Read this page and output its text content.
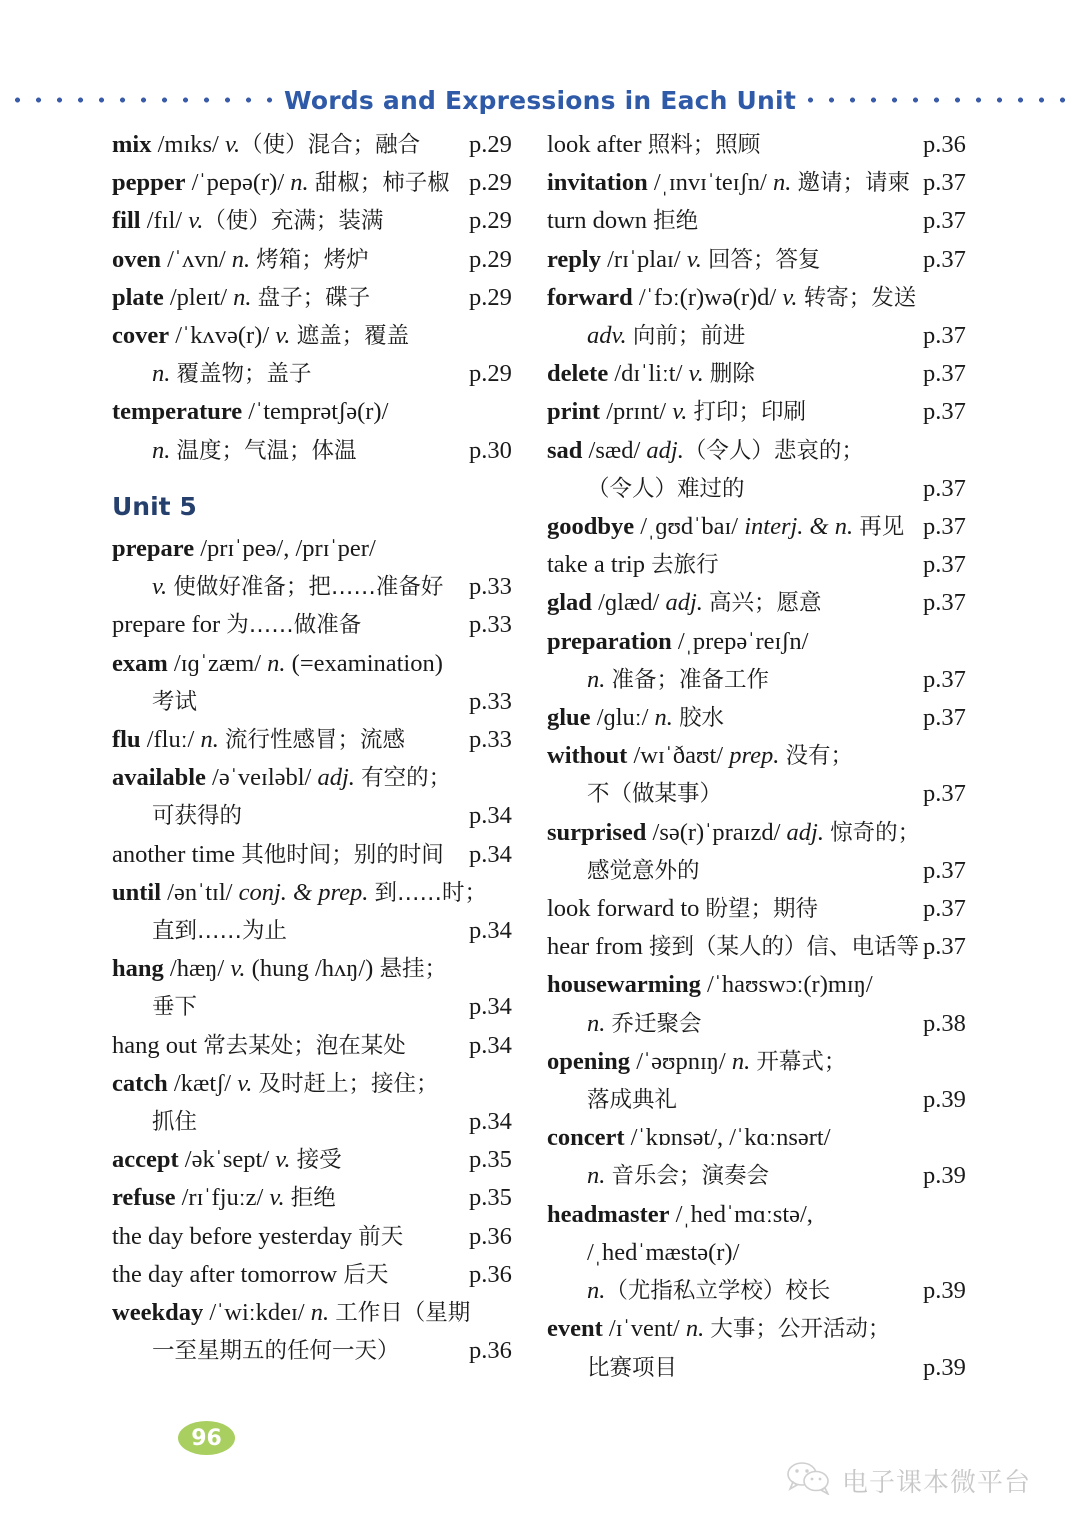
Words and Expressions in Each Unit
mix /mɪks/ v.（使）混合；融合	p.29
pepper /ˈpepə(r)/ n. 甜椒；柿子椒 p.29
fill /fɪl/ v.（使）充满；装满	p.29
oven /ˈʌvn/ n. 烤箱；烤炉	p.29
plate /pleɪt/ n. 盘子；碟子	p.29
cover /ˈkʌvə(r)/ v. 遮盖；覆盖
n. 覆盖物；盖子	p.29
temperature /ˈtemprətʃə(r)/
n. 温度；气温；体温	p.30
Unit 5
prepare /prɪˈpeə/, /prɪˈper/
v. 使做好准备；把……准备好	p.33
prepare for 为……做准备	p.33
exam /ɪɡˈzæm/ n. (=examination)
考试	p.33
flu /fluː/ n. 流行性感冒；流感	p.33
available /əˈveɪləbl/ adj. 有空的；
可获得的	p.34
another time 其他时间；别的时间	p.34
until /ənˈtɪl/ conj. & prep. 到……时；
直到……为止	p.34
hang /hæŋ/ v. (hung /hʌŋ/) 悬挂；
垂下	p.34
hang out 常去某处；泡在某处	p.34
catch /kætʃ/ v. 及时赶上；接住；
抓住	p.34
accept /əkˈsept/ v. 接受	p.35
refuse /rɪˈfjuːz/ v. 拒绝	p.35
the day before yesterday 前天	p.36
the day after tomorrow 后天	p.36
weekday /ˈwiːkdeɪ/ n. 工作日（星期
一至星期五的任何一天）	p.36
look after 照料；照顾	p.36
invitation /ˌɪnvɪˈteɪʃn/ n. 邀请；请柬 p.37
turn down 拒绝	p.37
reply /rɪˈplaɪ/ v. 回答；答复	p.37
forward /ˈfɔː(r)wə(r)d/ v. 转寄；发送
adv. 向前；前进	p.37
delete /dɪˈliːt/ v. 删除	p.37
print /prɪnt/ v. 打印；印刷	p.37
sad /sæd/ adj.（令人）悲哀的；
（令人）难过的	p.37
goodbye /ˌɡʊdˈbaɪ/ interj. & n. 再见 p.37
take a trip 去旅行	p.37
glad /ɡlæd/ adj. 高兴；愿意	p.37
preparation /ˌprepəˈreɪʃn/
n. 准备；准备工作	p.37
glue /ɡluː/ n. 胶水	p.37
without /wɪˈðaʊt/ prep. 没有；
不（做某事）	p.37
surprised /sə(r)ˈpraɪzd/ adj. 惊奇的；
感觉意外的	p.37
look forward to 盼望；期待	p.37
hear from 接到（某人的）信、电话等 p.37
housewarming /ˈhaʊswɔː(r)mɪŋ/
n. 乔迁聚会	p.38
opening /ˈəʊpnɪŋ/ n. 开幕式；
落成典礼	p.39
concert /ˈkɒnsət/, /ˈkɑːnsərt/
n. 音乐会；演奏会	p.39
headmaster /ˌhedˈmɑːstə/,
/ˌhedˈmæstə(r)/
n.（尤指私立学校）校长	p.39
event /ɪˈvent/ n. 大事；公开活动；
比赛项目	p.39
96
电子课本微平台
